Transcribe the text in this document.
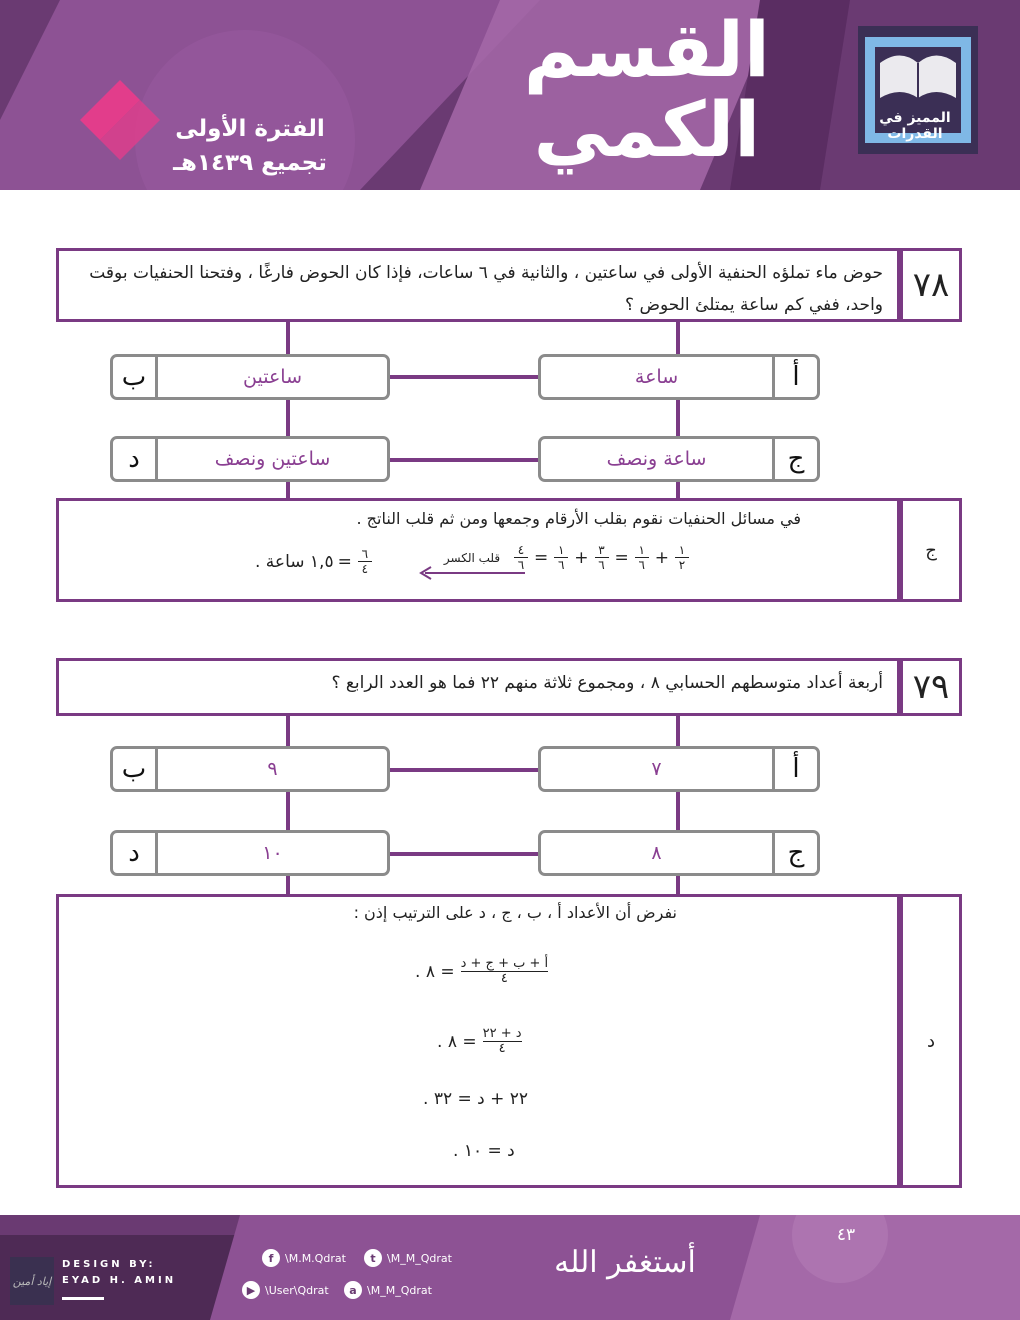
القسم
الكمي
الفترة الأولى
تجميع ١٤٣٩هـ
المميز في القدرات
حوض ماء تملؤه الحنفية الأولى في ساعتين ، والثانية في ٦ ساعات، فإذا كان الحوض فارغًا ، وفتحنا الحنفيات بوقت واحد، ففي كم ساعة يمتلئ الحوض ؟ ٧٨
ساعة	أ
ب	ساعتين
ساعة ونصف	ج
د	ساعتين ونصف
في مسائل الحنفيات نقوم بقلب الأرقام وجمعها ومن ثم قلب الناتج .
$\frac{١}{٢}$
+
$\frac{١}{٦}$
=
$\frac{٣}{٦}$
+
$\frac{١}{٦}$
=
$\frac{٤}{٦}$
قلب الكسر
$\frac{٦}{٤}$
=
١,٥ ساعة .
ج
أربعة أعداد متوسطهم الحسابي ٨ ، ومجموع ثلاثة منهم ٢٢ فما هو العدد الرابع ؟ ٧٩
٧	أ
ب	٩
٨	ج
د	١٠
نفرض أن الأعداد أ ، ب ، ج ، د على الترتيب إذن :
$\frac{\text{أ + ب + ج + د}}{٤}$
= ٨ .
$\frac{\text{د + ٢٢}}{٤}$
= ٨ .
٢٢ + د = ٣٢ .
د = ١٠ .
د
٤٣
إياد أمين
DESIGN BY:
EYAD H. AMIN
f	\M.M.Qdrat	t	\M_M_Qdrat
▶ \User\Qdrat	a \M_M_Qdrat
أستغفر الله
